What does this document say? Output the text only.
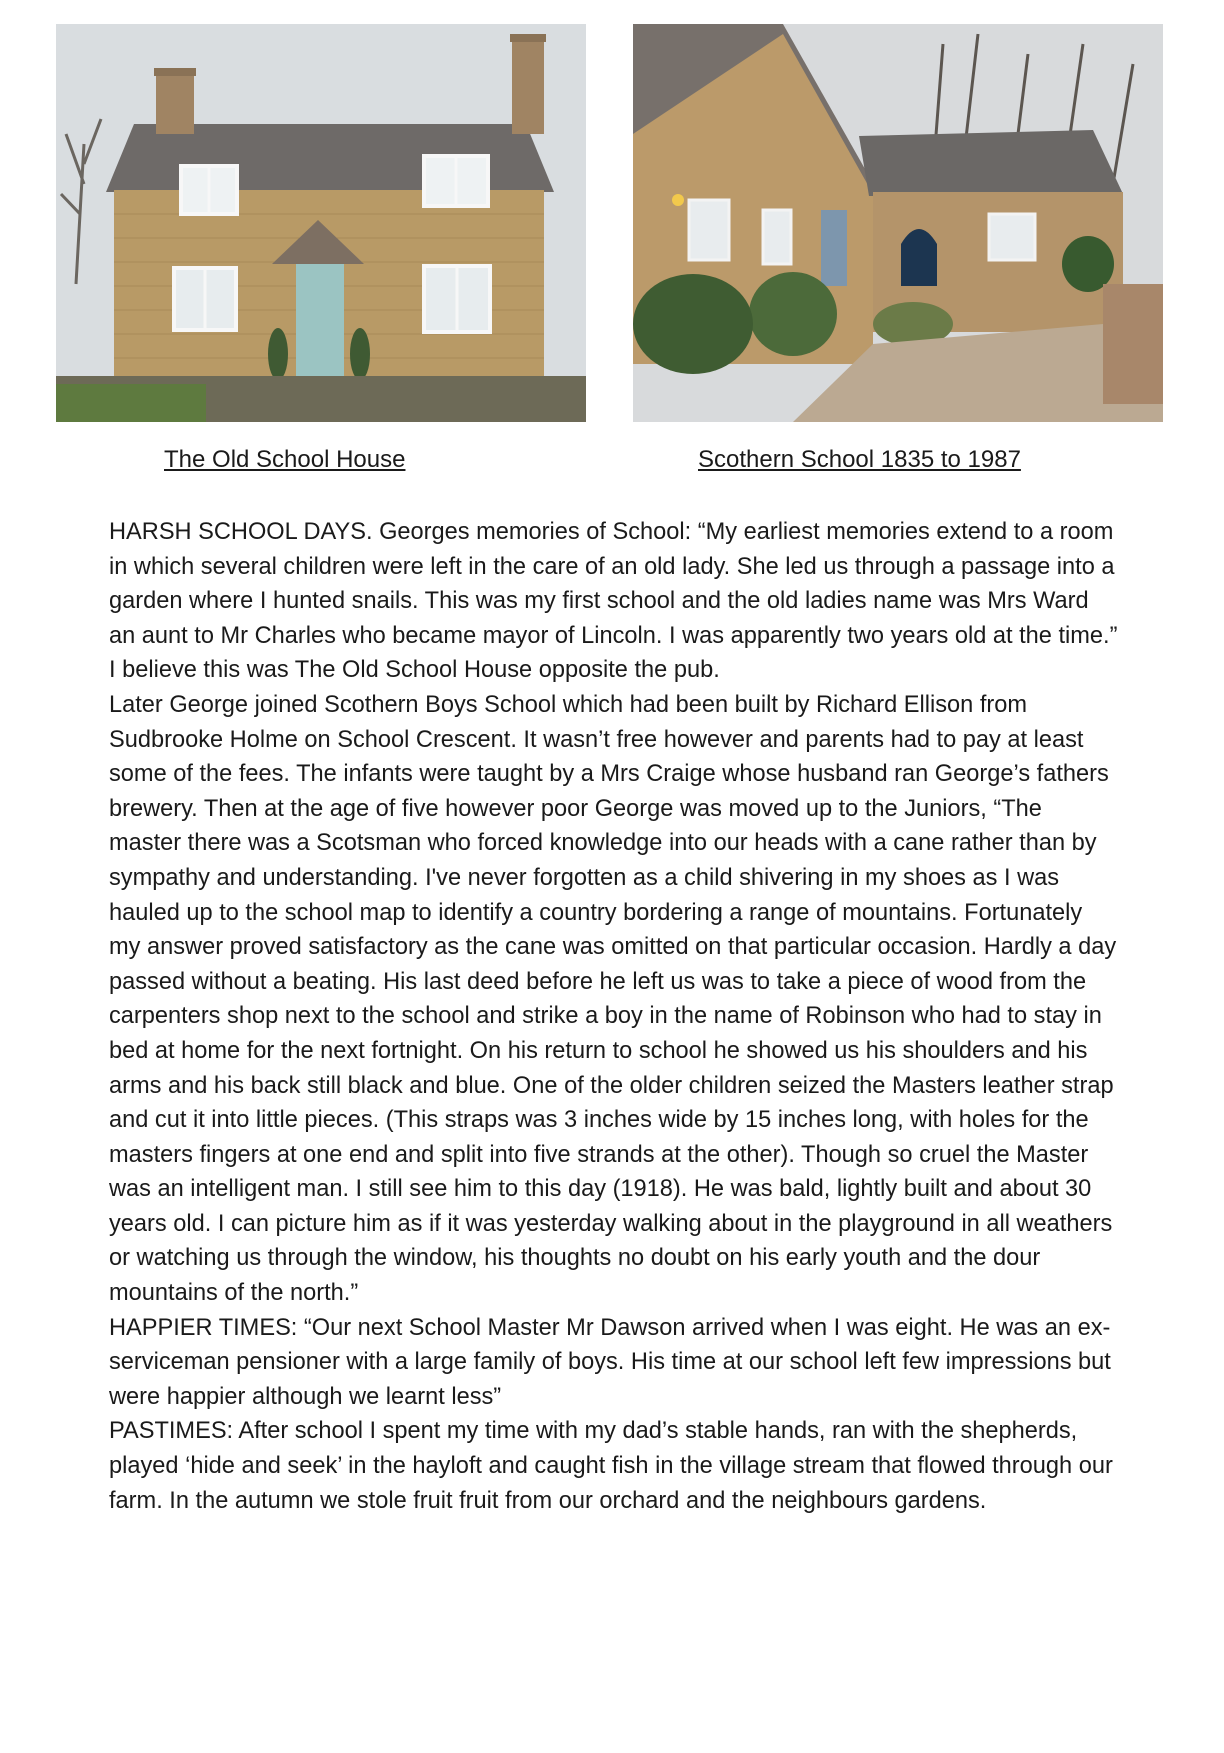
The Old School House	Scothern School 1835 to 1987

HARSH SCHOOL DAYS. Georges memories of School: “My earliest memories extend to a room in which several children were left in the care of an old lady. She led us through a passage into a garden where I hunted snails. This was my first school and the old ladies name was Mrs Ward an aunt to Mr Charles who became mayor of Lincoln. I was apparently two years old at the time.” I believe this was The Old School House opposite the pub.

Later George joined Scothern Boys School which had been built by Richard Ellison from Sudbrooke Holme on School Crescent. It wasn’t free however and parents had to pay at least some of the fees. The infants were taught by a Mrs Craige whose husband ran George’s fathers brewery. Then at the age of five however poor George was moved up to the Juniors, “The master there was a Scotsman who forced knowledge into our heads with a cane rather than by sympathy and understanding. I've never forgotten as a child shivering in my shoes as I was hauled up to the school map to identify a country bordering a range of mountains. Fortunately my answer proved satisfactory as the cane was omitted on that particular occasion. Hardly a day passed without a beating. His last deed before he left us was to take a piece of wood from the carpenters shop next to the school and strike a boy in the name of Robinson who had to stay in bed at home for the next fortnight. On his return to school he showed us his shoulders and his arms and his back still black and blue. One of the older children seized the Masters leather strap and cut it into little pieces. (This straps was 3 inches wide by 15 inches long, with holes for the masters fingers at one end and split into five strands at the other). Though so cruel the Master was an intelligent man. I still see him to this day (1918). He was bald, lightly built and about 30 years old. I can picture him as if it was yesterday walking about in the playground in all weathers or watching us through the window, his thoughts no doubt on his early youth and the dour mountains of the north.”

HAPPIER TIMES: “Our next School Master Mr Dawson arrived when I was eight. He was an ex-serviceman pensioner with a large family of boys. His time at our school left few impressions but were happier although we learnt less”

PASTIMES: After school I spent my time with my dad’s stable hands, ran with the shepherds, played ‘hide and seek’ in the hayloft and caught fish in the village stream that flowed through our farm. In the autumn we stole fruit fruit from our orchard and the neighbours gardens.
